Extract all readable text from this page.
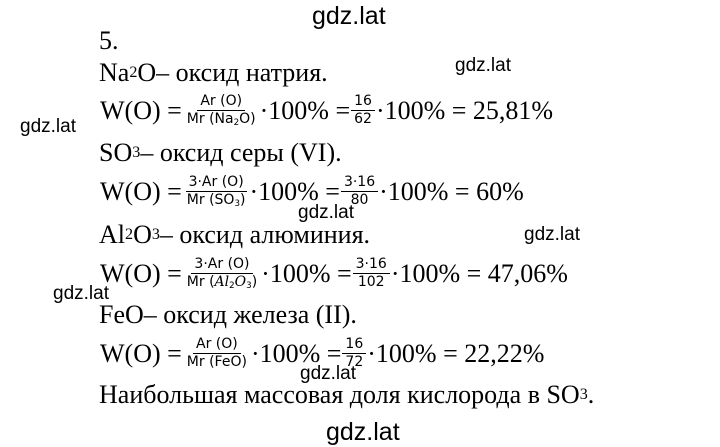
gdz.lat
gdz.lat
gdz.lat
gdz.lat
gdz.lat
gdz.lat
gdz.lat
gdz.lat
5.
Na 2 O – оксид натрия.
$W(O) = \frac{Ar (O)}{Mr (Na_2O)} \cdot 100\% = \frac{16}{62} \cdot 100\% = 25,81\%$
SO 3 – оксид серы (VI).
$W(O) = \frac{3\cdot Ar (O)}{Mr (SO_3)} \cdot 100\% = \frac{3\cdot 16}{80} \cdot 100\% = 60\%$
Al 2 O 3 – оксид алюминия.
$W(O) = \frac{3\cdot Ar (O)}{Mr (Al_2O_3)} \cdot 100\% = \frac{3\cdot 16}{102} \cdot 100\% = 47,06\%$
FeO – оксид железа (II).
$W(O) = \frac{Ar (O)}{\text{Mr (FeO)}} \cdot 100\% = \frac{16}{72} \cdot 100\% = 22,22\%$
Наибольшая массовая доля кислорода в SO 3 .
